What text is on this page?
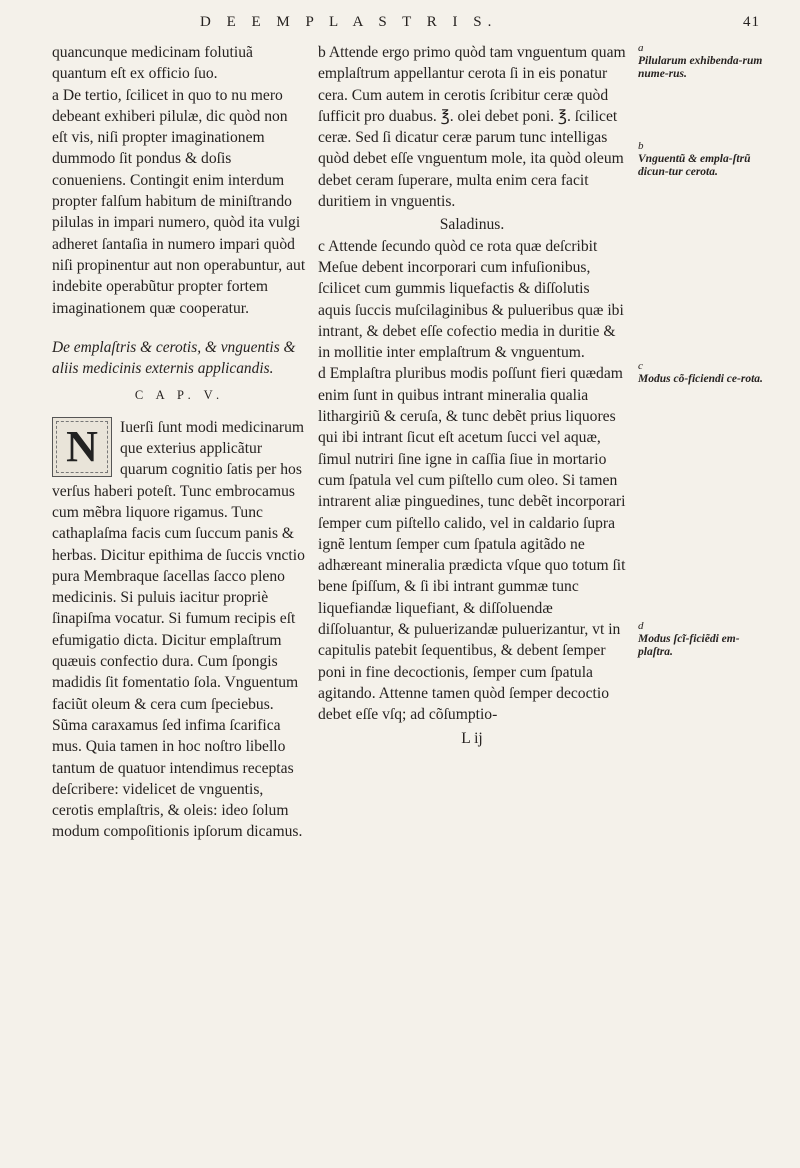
D E E M P L A S T R I S.	41

quancunque medicinam folutiuã quantum eſt ex officio ſuo.

a De tertio, ſcilicet in quo to nu mero debeant exhiberi pilulæ, dic quòd non eſt vis, niſi propter imaginationem dummodo ſit pondus & doſis conueniens. Contingit enim interdum propter falſum habitum de miniſtrando pilulas in impari numero, quòd ita vulgi adheret ſantaſia in numero impari quòd niſi propinentur aut non operabuntur, aut indebite operabũtur propter fortem imaginationem quæ cooperatur.

De emplaſtris & cerotis, & vnguentis & aliis medicinis externis applicandis.

C A P. V.

N Iuerſi ſunt modi medicinarum que exterius applicãtur quarum cognitio ſatis per hos verſus haberi poteſt. Tunc embrocamus cum mẽbra liquore rigamus. Tunc cathaplaſma facis cum ſuccum panis & herbas. Dicitur epithima de ſuccis vnctio pura Membraque ſacellas ſacco pleno medicinis. Si puluis iacitur propriè ſinapiſma vocatur. Si fumum recipis eſt efumigatio dicta. Dicitur emplaſtrum quæuis confectio dura. Cum ſpongis madidis ſit fomentatio ſola. Vnguentum faciũt oleum & cera cum ſpeciebus. Sũma caraxamus ſed infima ſcarifica mus. Quia tamen in hoc noſtro libello tantum de quatuor intendimus receptas deſcribere: videlicet de vnguentis, cerotis emplaſtris, & oleis: ideo ſolum modum compoſitionis ipſorum dicamus.

b Attende ergo primo quòd tam vnguentum quam emplaſtrum appellantur cerota ſi in eis ponatur cera. Cum autem in cerotis ſcribitur ceræ quòd ſufficit pro duabus. ℥. olei debet poni. ℥. ſcilicet ceræ. Sed ſi dicatur ceræ parum tunc intelligas quòd debet eſſe vnguentum mole, ita quòd oleum debet ceram ſuperare, multa enim cera facit duritiem in vnguentis.

Saladinus.

c Attende ſecundo quòd ce rota quæ deſcribit Meſue debent incorporari cum infuſionibus, ſcilicet cum gummis liquefactis & diſſolutis aquis ſuccis muſcilaginibus & pulueribus quæ ibi intrant, & debet eſſe cofectio media in duritie & in mollitie inter emplaſtrum & vnguentum.

d Emplaſtra pluribus modis poſſunt fieri quædam enim ſunt in quibus intrant mineralia qualia lithargiriũ & ceruſa, & tunc debẽt prius liquores qui ibi intrant ſicut eſt acetum ſucci vel aquæ, ſimul nutriri ſine igne in caſſia ſiue in mortario cum ſpatula vel cum piſtello cum oleo. Si tamen intrarent aliæ pinguedines, tunc debẽt incorporari ſemper cum piſtello calido, vel in caldario ſupra ignẽ lentum ſemper cum ſpatula agitãdo ne adhæreant mineralia prædicta vſque quo totum ſit bene ſpiſſum, & ſi ibi intrant gummæ tunc liquefiandæ liquefiant, & diſſoluendæ diſſoluantur, & puluerizandæ puluerizantur, vt in capitulis patebit ſequentibus, & debent ſemper poni in fine decoctionis, ſemper cum ſpatula agitando. Attenne tamen quòd ſemper decoctio debet eſſe vſq; ad cõſumptio-

L ij

a
Pilularum exhibenda-rum nume-rus.
b
Vnguentũ & empla-ſtrũ dicun-tur cerota.
c
Modus cõ-ficiendi ce-rota.
d
Modus ſcĩ-ficiẽdi em-plaſtra.
